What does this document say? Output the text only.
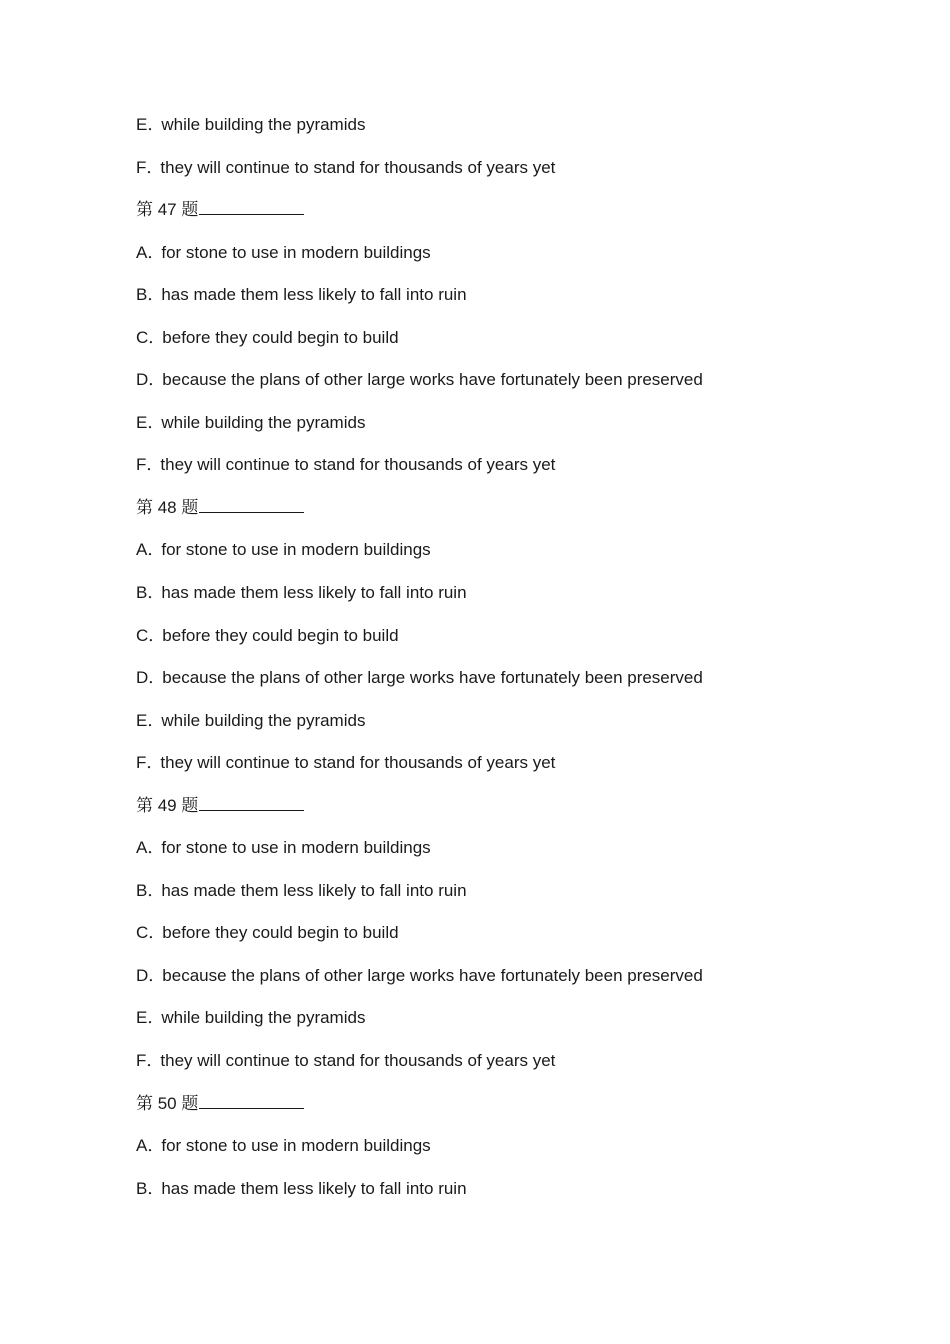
E．while building the pyramids
F．they will continue to stand for thousands of years yet
第 47 题
A．for stone to use in modern buildings
B．has made them less likely to fall into ruin
C．before they could begin to build
D．because the plans of other large works have fortunately been preserved
E．while building the pyramids
F．they will continue to stand for thousands of years yet
第 48 题
A．for stone to use in modern buildings
B．has made them less likely to fall into ruin
C．before they could begin to build
D．because the plans of other large works have fortunately been preserved
E．while building the pyramids
F．they will continue to stand for thousands of years yet
第 49 题
A．for stone to use in modern buildings
B．has made them less likely to fall into ruin
C．before they could begin to build
D．because the plans of other large works have fortunately been preserved
E．while building the pyramids
F．they will continue to stand for thousands of years yet
第 50 题
A．for stone to use in modern buildings
B．has made them less likely to fall into ruin
